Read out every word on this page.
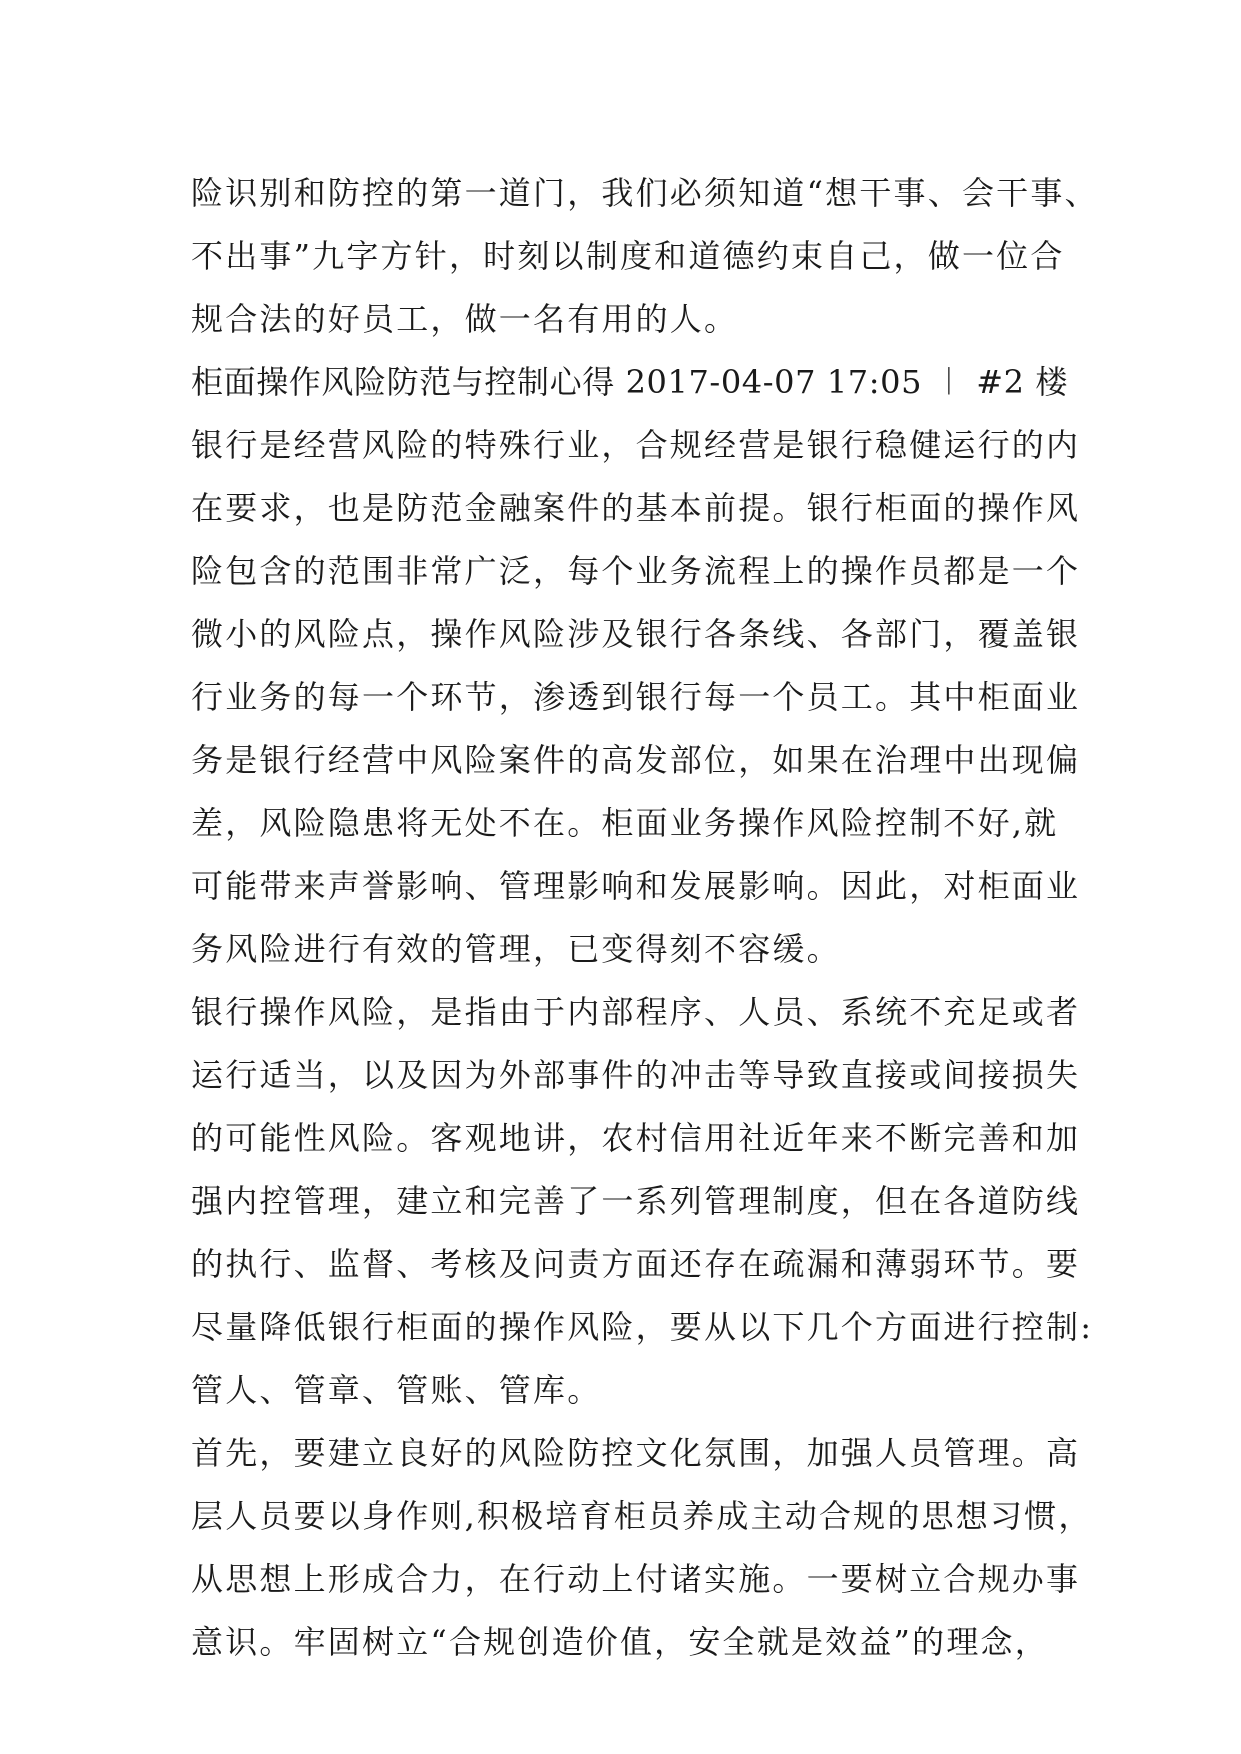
险识别和防控的第一道门，我们必须知道“想干事、会干事、
不出事”九字方针，时刻以制度和道德约束自己，做一位合
规合法的好员工，做一名有用的人。
柜面操作风险防范与控制心得 2017-04-07 17:05 ︱ #2 楼
银行是经营风险的特殊行业，合规经营是银行稳健运行的内
在要求，也是防范金融案件的基本前提。银行柜面的操作风
险包含的范围非常广泛，每个业务流程上的操作员都是一个
微小的风险点，操作风险涉及银行各条线、各部门，覆盖银
行业务的每一个环节，渗透到银行每一个员工。其中柜面业
务是银行经营中风险案件的高发部位，如果在治理中出现偏
差，风险隐患将无处不在。柜面业务操作风险控制不好,就
可能带来声誉影响、管理影响和发展影响。因此，对柜面业
务风险进行有效的管理，已变得刻不容缓。
银行操作风险，是指由于内部程序、人员、系统不充足或者
运行适当，以及因为外部事件的冲击等导致直接或间接损失
的可能性风险。客观地讲，农村信用社近年来不断完善和加
强内控管理，建立和完善了一系列管理制度，但在各道防线
的执行、监督、考核及问责方面还存在疏漏和薄弱环节。要
尽量降低银行柜面的操作风险，要从以下几个方面进行控制:
管人、管章、管账、管库。
首先，要建立良好的风险防控文化氛围，加强人员管理。高
层人员要以身作则,积极培育柜员养成主动合规的思想习惯，
从思想上形成合力，在行动上付诸实施。一要树立合规办事
意识。牢固树立“合规创造价值，安全就是效益”的理念，
